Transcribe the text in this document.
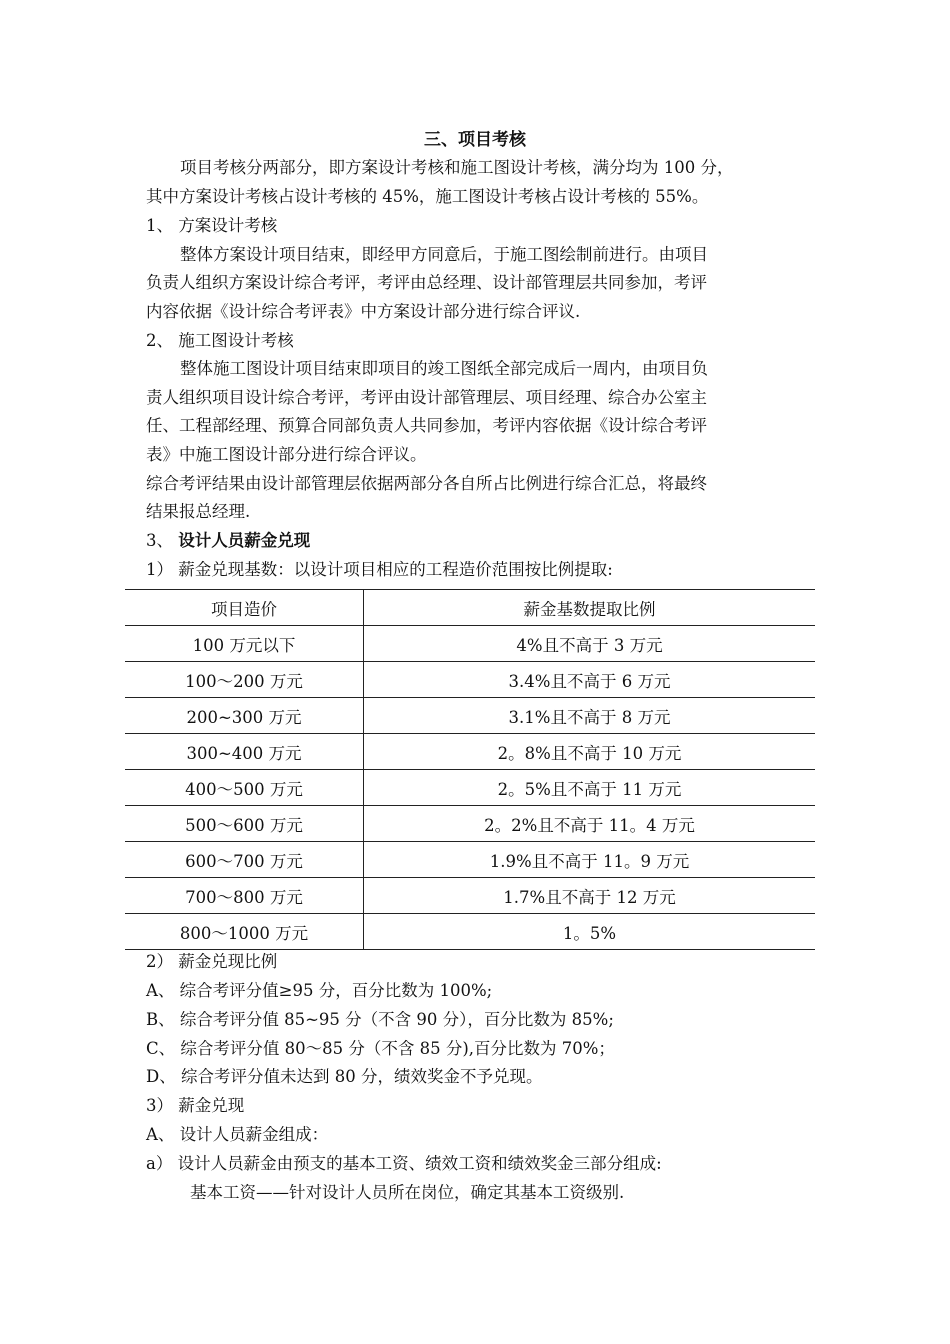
三、项目考核
项目考核分两部分，即方案设计考核和施工图设计考核，满分均为 100 分，
其中方案设计考核占设计考核的 45%，施工图设计考核占设计考核的 55%。
1、 方案设计考核
整体方案设计项目结束，即经甲方同意后，于施工图绘制前进行。由项目
负责人组织方案设计综合考评，考评由总经理、设计部管理层共同参加，考评
内容依据《设计综合考评表》中方案设计部分进行综合评议.
2、 施工图设计考核
整体施工图设计项目结束即项目的竣工图纸全部完成后一周内，由项目负
责人组织项目设计综合考评，考评由设计部管理层、项目经理、综合办公室主
任、工程部经理、预算合同部负责人共同参加，考评内容依据《设计综合考评
表》中施工图设计部分进行综合评议。
综合考评结果由设计部管理层依据两部分各自所占比例进行综合汇总，将最终
结果报总经理.
3、 设计人员薪金兑现
1） 薪金兑现基数：以设计项目相应的工程造价范围按比例提取:
项目造价	薪金基数提取比例
100 万元以下	4%且不高于 3 万元
100～200 万元	3.4%且不高于 6 万元
200~300 万元	3.1%且不高于 8 万元
300~400 万元	2。8%且不高于 10 万元
400～500 万元	2。5%且不高于 11 万元
500～600 万元	2。2%且不高于 11。4 万元
600～700 万元	1.9%且不高于 11。9 万元
700～800 万元	1.7%且不高于 12 万元
800～1000 万元	1。5%
2） 薪金兑现比例
A、 综合考评分值≥95 分，百分比数为 100%;
B、 综合考评分值 85~95 分（不含 90 分），百分比数为 85%;
C、 综合考评分值 80～85 分（不含 85 分),百分比数为 70%；
D、 综合考评分值未达到 80 分，绩效奖金不予兑现。
3） 薪金兑现
A、 设计人员薪金组成：
a） 设计人员薪金由预支的基本工资、绩效工资和绩效奖金三部分组成:
基本工资——针对设计人员所在岗位，确定其基本工资级别.
